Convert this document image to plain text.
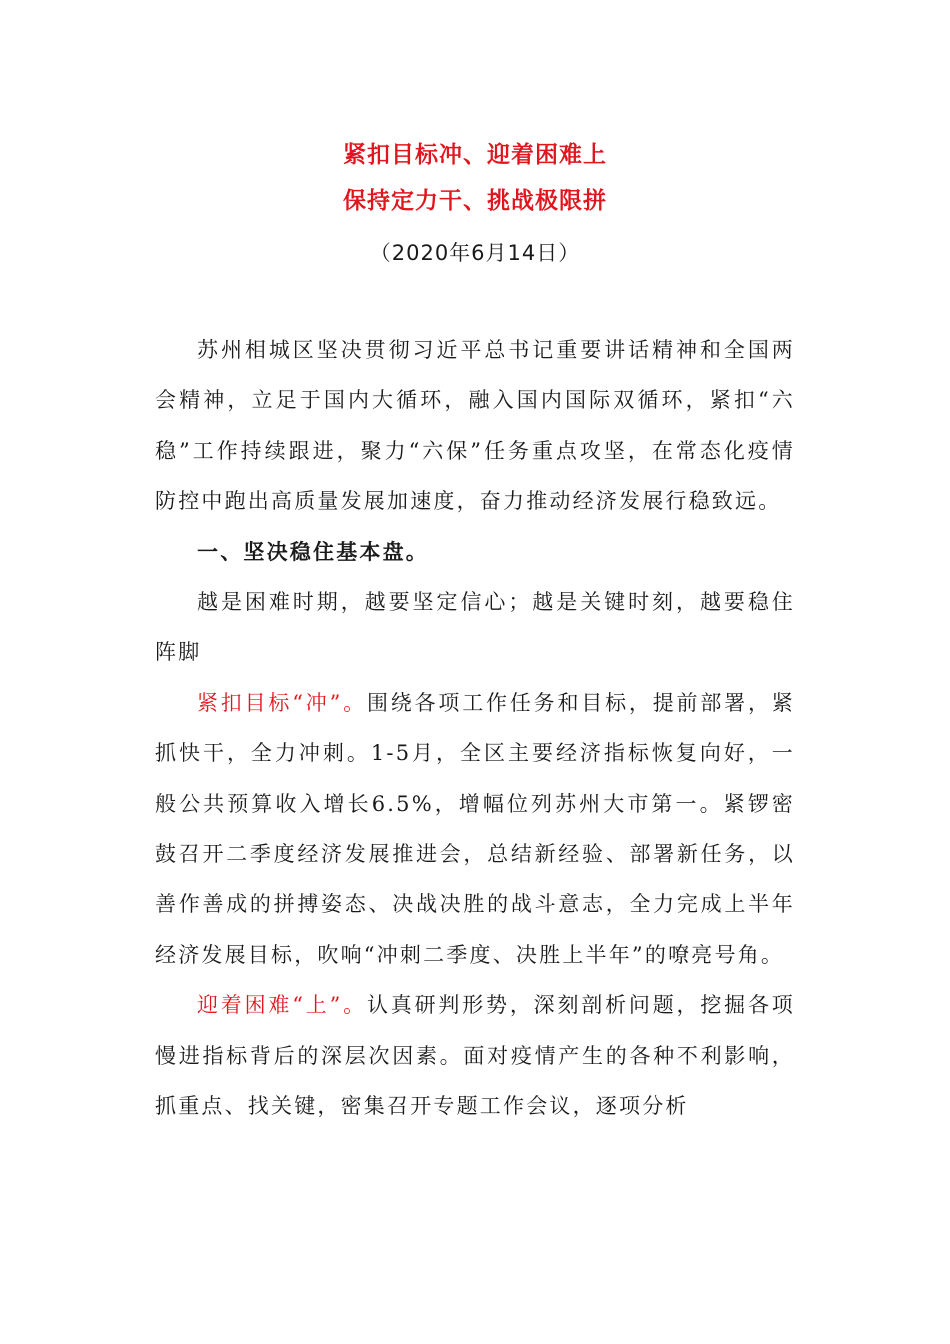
紧扣目标冲、迎着困难上
保持定力干、挑战极限拼
（2020年6月14日）

苏州相城区坚决贯彻习近平总书记重要讲话精神和全国两会精神，立足于国内大循环，融入国内国际双循环，紧扣“六稳”工作持续跟进，聚力“六保”任务重点攻坚，在常态化疫情防控中跑出高质量发展加速度，奋力推动经济发展行稳致远。

一、坚决稳住基本盘。

越是困难时期，越要坚定信心；越是关键时刻，越要稳住阵脚

紧扣目标“冲”。围绕各项工作任务和目标，提前部署，紧抓快干，全力冲刺。1-5月，全区主要经济指标恢复向好，一般公共预算收入增长6.5%，增幅位列苏州大市第一。紧锣密鼓召开二季度经济发展推进会，总结新经验、部署新任务，以善作善成的拼搏姿态、决战决胜的战斗意志，全力完成上半年经济发展目标，吹响“冲刺二季度、决胜上半年”的嘹亮号角。

迎着困难“上”。认真研判形势，深刻剖析问题，挖掘各项慢进指标背后的深层次因素。面对疫情产生的各种不利影响，抓重点、找关键，密集召开专题工作会议，逐项分析
